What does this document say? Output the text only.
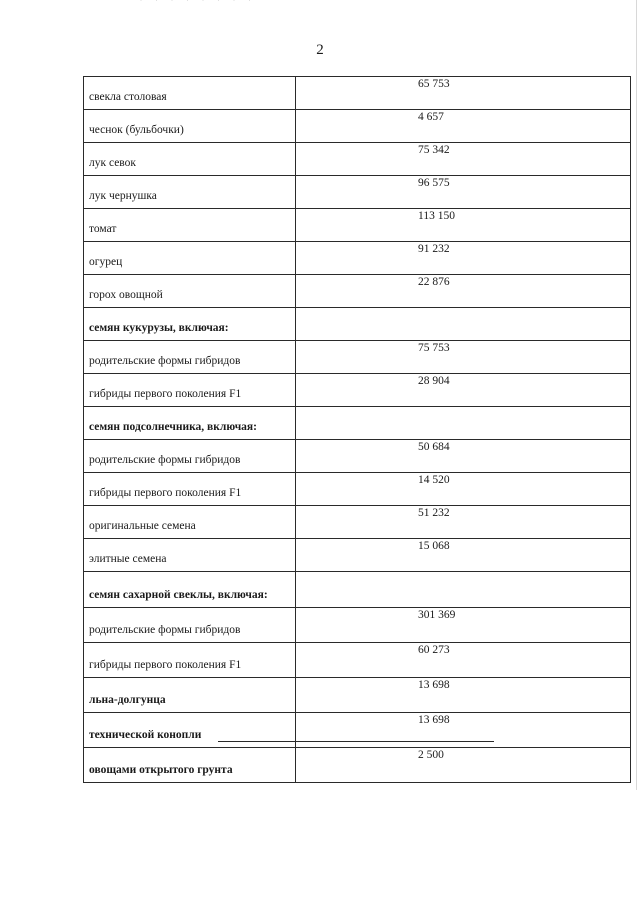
· · · · · · · ·
2
свекла столовая	65 753
чеснок (бульбочки)	4 657
лук севок	75 342
лук чернушка	96 575
томат	113 150
огурец	91 232
горох овощной	22 876
семян кукурузы, включая:	
родительские формы гибридов	75 753
гибриды первого поколения F1	28 904
семян подсолнечника, включая:	
родительские формы гибридов	50 684
гибриды первого поколения F1	14 520
оригинальные семена	51 232
элитные семена	15 068
семян сахарной свеклы, включая:	
родительские формы гибридов	301 369
гибриды первого поколения F1	60 273
льна-долгунца	13 698
технической конопли	13 698
овощами открытого грунта	2 500
